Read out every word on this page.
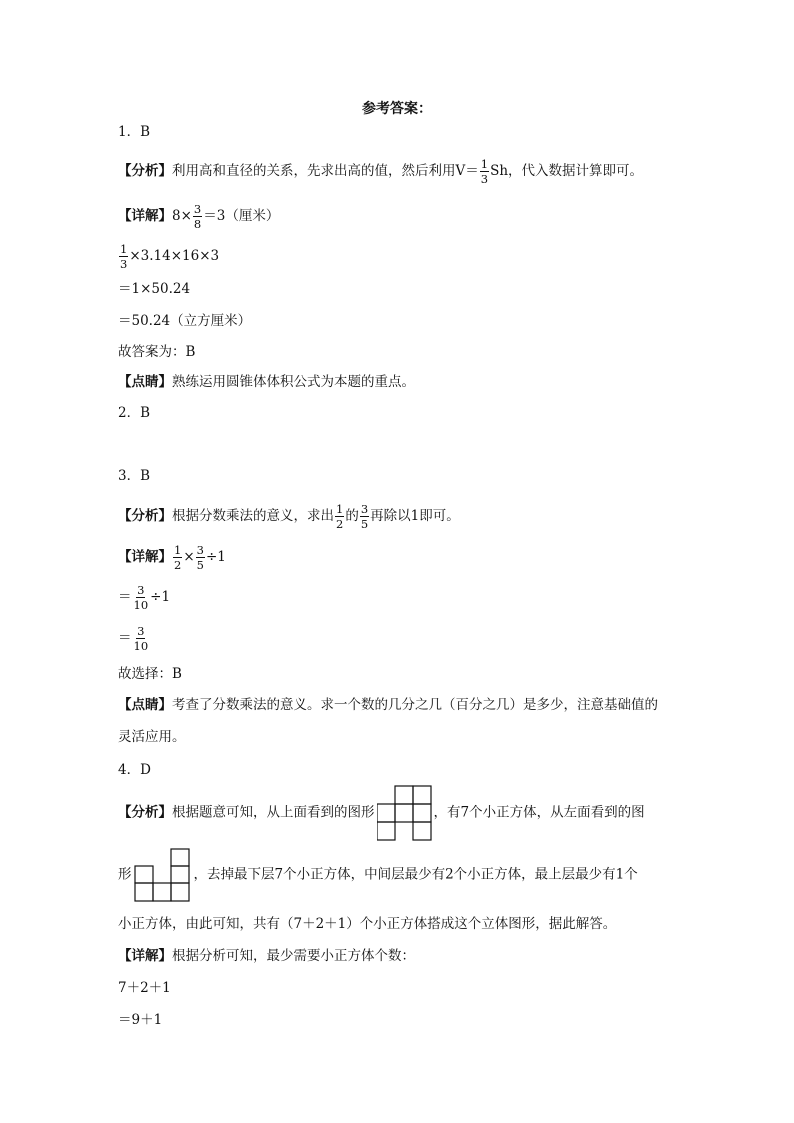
参考答案：
1．B
【分析】利用高和直径的关系，先求出高的值，然后利用$V= \frac{1}{3}$ Sh，代入数据计算即可。
【详解】$8\times \frac{3}{8} =3$（厘米）
$\frac{1}{3} \times 3.14\times 16\times 3$
＝1×50.24
＝50.24（立方厘米）
故答案为：B
【点睛】熟练运用圆锥体体积公式为本题的重点。
2．B
3．B
【分析】根据分数乘法的意义，求出 $\frac{1}{2}$ 的 $\frac{3}{5}$ 再除以1即可。
【详解】 $\frac{1}{2} \times \frac{3}{5} \div 1$
＝ $\frac{3}{10} \div 1$
＝ $\frac{3}{10}$
故选择：B
【点睛】考查了分数乘法的意义。求一个数的几分之几（百分之几）是多少，注意基础值的
灵活应用。
4．D
【分析】根据题意可知，从上面看到的图形	，有7个小正方体，从左面看到的图
形	，去掉最下层7个小正方体，中间层最少有2个小正方体，最上层最少有1个
小正方体，由此可知，共有（7＋2＋1）个小正方体搭成这个立体图形，据此解答。
【详解】根据分析可知，最少需要小正方体个数：
7＋2＋1
＝9＋1
